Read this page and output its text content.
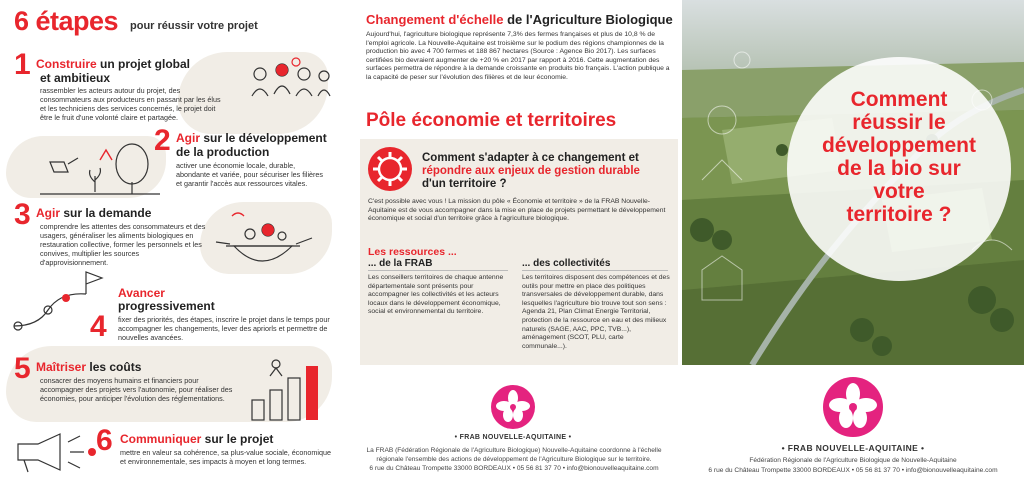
6 étapes pour réussir votre projet
1 Construire un projet global
et ambitieux
rassembler les acteurs autour du projet, des consommateurs aux producteurs en passant par les élus et les techniciens des services concernés, le projet doit être le fruit d'une volonté claire et partagée.
2 Agir sur le développement
de la production
activer une économie locale, durable, abondante et variée, pour sécuriser les filières et garantir l'accès aux ressources vitales.
3 Agir sur la demande
comprendre les attentes des consommateurs et des usagers, généraliser les aliments biologiques en restauration collective, former les personnels et les convives, multiplier les sources d'approvisionnement.
Avancer
progressivement
4 fixer des priorités, des étapes, inscrire le projet dans le temps pour accompagner les changements, lever des apriorls et permettre de nouvelles avancées.
5 Maîtriser les coûts
consacrer des moyens humains et financiers pour accompagner des projets vers l'autonomie, pour réaliser des économies, pour anticiper l'évolution des réglementations.
6 Communiquer sur le projet
mettre en valeur sa cohérence, sa plus-value sociale, économique et environnementale, ses impacts à moyen et long termes.
Changement d'échelle de l'Agriculture Biologique
Aujourd'hui, l'agriculture biologique représente 7,3% des fermes françaises et plus de 10,8 % de l'emploi agricole. La Nouvelle-Aquitaine est troisième sur le podium des régions championnes de la production bio avec 4 700 fermes et 188 867 hectares (Source : Agence Bio 2017). Les surfaces certifiées bio devraient augmenter de +20 % en 2017 par rapport à 2016. Cette augmentation des surfaces permettra de répondre à la demande croissante en produits bio français. L'action publique a la capacité de peser sur l'évolution des filières et de leur économie.
Pôle économie et territoires
Comment s'adapter à ce changement et
répondre aux enjeux de gestion durable
d'un territoire ?
C'est possible avec vous ! La mission du pôle « Économie et territoire » de la FRAB Nouvelle-Aquitaine est de vous accompagner dans la mise en place de projets permettant le développement économique et social d'un territoire grâce à l'agriculture biologique.
Les ressources ...
... de la FRAB
Les conseillers territoires de chaque antenne départementale sont présents pour accompagner les collectivités et les acteurs locaux dans le développement économique, social et environnemental du territoire.
... des collectivités
Les territoires disposent des compétences et des outils pour mettre en place des politiques transversales de développement durable, dans lesquelles l'agriculture bio trouve tout son sens : Agenda 21, Plan Climat Energie Territorial, protection de la ressource en eau et des milieux naturels (SAGE, AAC, PPC, TVB...), aménagement (SCOT, PLU, carte communale...).
• FRAB NOUVELLE-AQUITAINE •
La FRAB (Fédération Régionale de l'Agriculture Biologique) Nouvelle-Aquitaine coordonne à l'échelle régionale l'ensemble des actions de développement de l'Agriculture Biologique sur le territoire.
6 rue du Château Trompette 33000 BORDEAUX • 05 56 81 37 70 • info@bionouvelleaquitaine.com
Comment
réussir le
développement
de la bio sur
votre
territoire ?
• FRAB NOUVELLE-AQUITAINE •
Fédération Régionale de l'Agriculture Biologique de Nouvelle-Aquitaine
6 rue du Château Trompette 33000 BORDEAUX • 05 56 81 37 70 • info@bionouvelleaquitaine.com
